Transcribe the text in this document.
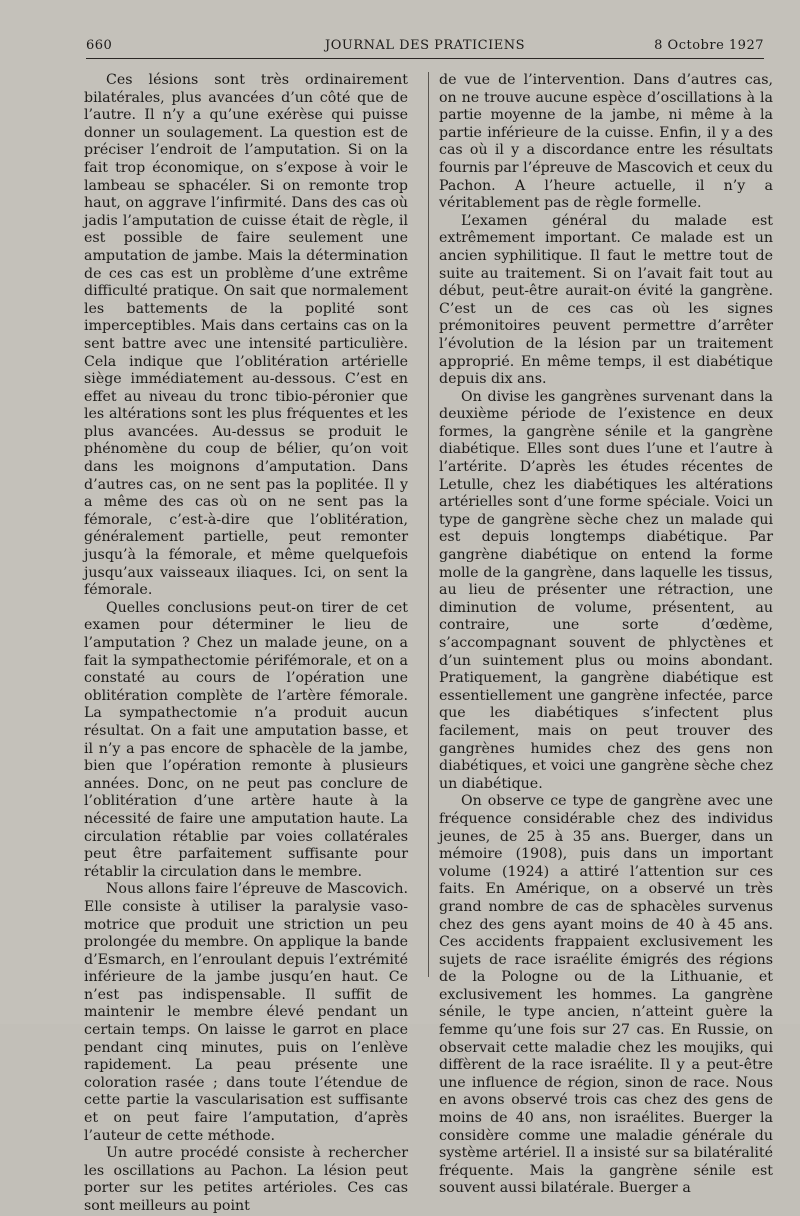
660	JOURNAL DES PRATICIENS	8 Octobre 1927

Ces lésions sont très ordinairement bilatérales, plus avancées d’un côté que de l’autre. Il n’y a qu’une exérèse qui puisse donner un soulagement. La question est de préciser l’endroit de l’amputation. Si on la fait trop économique, on s’expose à voir le lambeau se sphacéler. Si on remonte trop haut, on aggrave l’infirmité. Dans des cas où jadis l’amputation de cuisse était de règle, il est possible de faire seulement une amputation de jambe. Mais la détermination de ces cas est un problème d’une extrême difficulté pratique. On sait que normalement les battements de la poplité sont imperceptibles. Mais dans certains cas on la sent battre avec une intensité particulière. Cela indique que l’oblitération artérielle siège immédiatement au-dessous. C’est en effet au niveau du tronc tibio-péronier que les altérations sont les plus fréquentes et les plus avancées. Au-dessus se produit le phénomène du coup de bélier, qu’on voit dans les moignons d’amputation. Dans d’autres cas, on ne sent pas la poplitée. Il y a même des cas où on ne sent pas la fémorale, c’est-à-dire que l’oblitération, généralement partielle, peut remonter jusqu’à la fémorale, et même quelquefois jusqu’aux vaisseaux iliaques. Ici, on sent la fémorale.

Quelles conclusions peut-on tirer de cet examen pour déterminer le lieu de l’amputation ? Chez un malade jeune, on a fait la sympathectomie périfémorale, et on a constaté au cours de l’opération une oblitération complète de l’artère fémorale. La sympathectomie n’a produit aucun résultat. On a fait une amputation basse, et il n’y a pas encore de sphacèle de la jambe, bien que l’opération remonte à plusieurs années. Donc, on ne peut pas conclure de l’oblitération d’une artère haute à la nécessité de faire une amputation haute. La circulation rétablie par voies collatérales peut être parfaitement suffisante pour rétablir la circulation dans le membre.

Nous allons faire l’épreuve de Mascovich. Elle consiste à utiliser la paralysie vaso-motrice que produit une striction un peu prolongée du membre. On applique la bande d’Esmarch, en l’enroulant depuis l’extrémité inférieure de la jambe jusqu’en haut. Ce n’est pas indispensable. Il suffit de maintenir le membre élevé pendant un certain temps. On laisse le garrot en place pendant cinq minutes, puis on l’enlève rapidement. La peau présente une coloration rasée ; dans toute l’étendue de cette partie la vascularisation est suffisante et on peut faire l’amputation, d’après l’auteur de cette méthode.

Un autre procédé consiste à rechercher les oscillations au Pachon. La lésion peut porter sur les petites artérioles. Ces cas sont meilleurs au point

de vue de l’intervention. Dans d’autres cas, on ne trouve aucune espèce d’oscillations à la partie moyenne de la jambe, ni même à la partie inférieure de la cuisse. Enfin, il y a des cas où il y a discordance entre les résultats fournis par l’épreuve de Mascovich et ceux du Pachon. A l’heure actuelle, il n’y a véritablement pas de règle formelle.

L’examen général du malade est extrêmement important. Ce malade est un ancien syphilitique. Il faut le mettre tout de suite au traitement. Si on l’avait fait tout au début, peut-être aurait-on évité la gangrène. C’est un de ces cas où les signes prémonitoires peuvent permettre d’arrêter l’évolution de la lésion par un traitement approprié. En même temps, il est diabétique depuis dix ans.

On divise les gangrènes survenant dans la deuxième période de l’existence en deux formes, la gangrène sénile et la gangrène diabétique. Elles sont dues l’une et l’autre à l’artérite. D’après les études récentes de Letulle, chez les diabétiques les altérations artérielles sont d’une forme spéciale. Voici un type de gangrène sèche chez un malade qui est depuis longtemps diabétique. Par gangrène diabétique on entend la forme molle de la gangrène, dans laquelle les tissus, au lieu de présenter une rétraction, une diminution de volume, présentent, au contraire, une sorte d’œdème, s’accompagnant souvent de phlyctènes et d’un suintement plus ou moins abondant. Pratiquement, la gangrène diabétique est essentiellement une gangrène infectée, parce que les diabétiques s’infectent plus facilement, mais on peut trouver des gangrènes humides chez des gens non diabétiques, et voici une gangrène sèche chez un diabétique.

On observe ce type de gangrène avec une fréquence considérable chez des individus jeunes, de 25 à 35 ans. Buerger, dans un mémoire (1908), puis dans un important volume (1924) a attiré l’attention sur ces faits. En Amérique, on a observé un très grand nombre de cas de sphacèles survenus chez des gens ayant moins de 40 à 45 ans. Ces accidents frappaient exclusivement les sujets de race israélite émigrés des régions de la Pologne ou de la Lithuanie, et exclusivement les hommes. La gangrène sénile, le type ancien, n’atteint guère la femme qu’une fois sur 27 cas. En Russie, on observait cette maladie chez les moujiks, qui diffèrent de la race israélite. Il y a peut-être une influence de région, sinon de race. Nous en avons observé trois cas chez des gens de moins de 40 ans, non israélites. Buerger la considère comme une maladie générale du système artériel. Il a insisté sur sa bilatéralité fréquente. Mais la gangrène sénile est souvent aussi bilatérale. Buerger a
